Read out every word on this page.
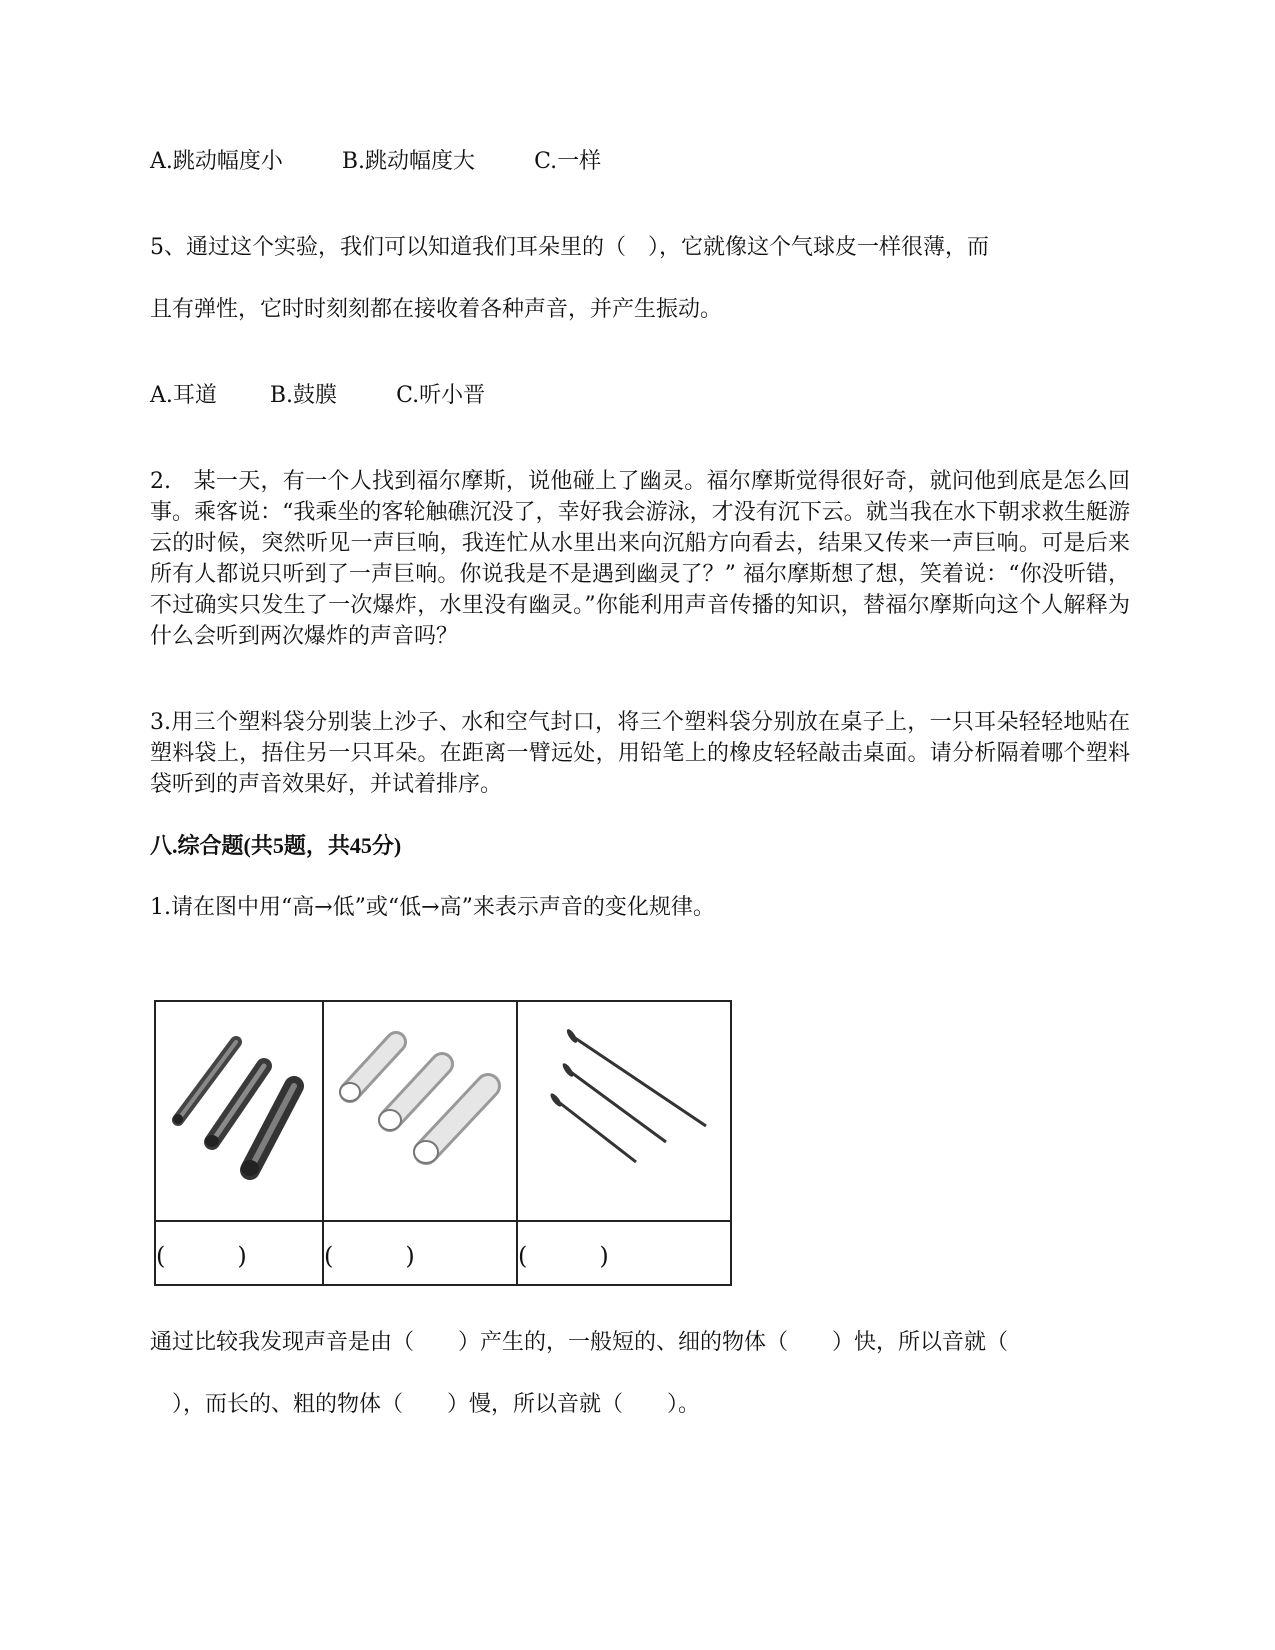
A.跳动幅度小	B.跳动幅度大	C.一样
5、通过这个实验，我们可以知道我们耳朵里的（　），它就像这个气球皮一样很薄，而
且有弹性，它时时刻刻都在接收着各种声音，并产生振动。
A.耳道 B.鼓膜	C.听小晋
2.　某一天，有一个人找到福尔摩斯，说他碰上了幽灵。福尔摩斯觉得很好奇，就问他到底是怎么回事。乘客说：“我乘坐的客轮触礁沉没了，幸好我会游泳，才没有沉下云。就当我在水下朝求救生艇游云的时候，突然听见一声巨响，我连忙从水里出来向沉船方向看去，结果又传来一声巨响。可是后来所有人都说只听到了一声巨响。你说我是不是遇到幽灵了？” 福尔摩斯想了想，笑着说：“你没听错，不过确实只发生了一次爆炸，水里没有幽灵。”你能利用声音传播的知识，替福尔摩斯向这个人解释为什么会听到两次爆炸的声音吗？
3.用三个塑料袋分别装上沙子、水和空气封口，将三个塑料袋分别放在桌子上，一只耳朵轻轻地贴在塑料袋上，捂住另一只耳朵。在距离一臂远处，用铅笔上的橡皮轻轻敲击桌面。请分析隔着哪个塑料袋听到的声音效果好，并试着排序。
八.综合题(共5题，共45分)
1.请在图中用“高→低”或“低→高”来表示声音的变化规律。

(　　　)	(　　　)	(　　　)
通过比较我发现声音是由（　　）产生的，一般短的、细的物体（　　）快，所以音就（
　），而长的、粗的物体（　　）慢，所以音就（　　）。
